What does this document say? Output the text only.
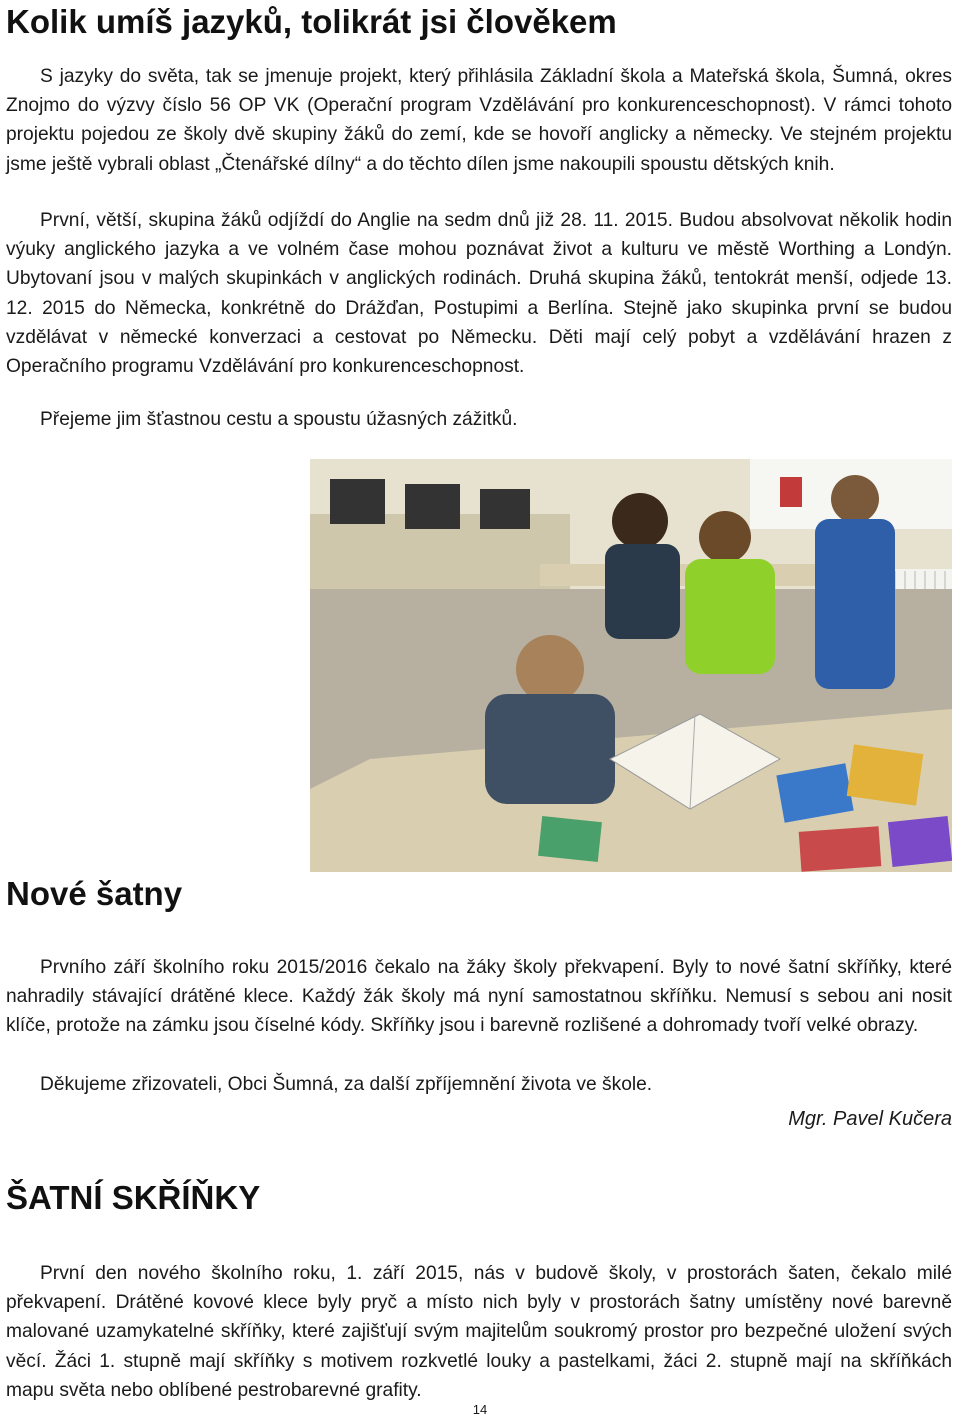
Kolik umíš jazyků, tolikrát jsi člověkem

S jazyky do světa, tak se jmenuje projekt, který přihlásila Základní škola a Mateřská škola, Šumná, okres Znojmo do výzvy číslo 56 OP VK (Operační program Vzdělávání pro konkurenceschopnost). V rámci tohoto projektu pojedou ze školy dvě skupiny žáků do zemí, kde se hovoří anglicky a německy. Ve stejném projektu jsme ještě vybrali oblast „Čtenářské dílny“ a do těchto dílen jsme nakoupili spoustu dětských knih.

První, větší, skupina žáků odjíždí do Anglie na sedm dnů již 28. 11. 2015. Budou absolvovat několik hodin výuky anglického jazyka a ve volném čase mohou poznávat život a kulturu ve městě Worthing a Londýn. Ubytovaní jsou v malých skupinkách v anglických rodinách. Druhá skupina žáků, tentokrát menší, odjede 13. 12. 2015 do Německa, konkrétně do Drážďan, Postupimi a Berlína. Stejně jako skupinka první se budou vzdělávat v německé konverzaci a cestovat po Německu. Děti mají celý pobyt a vzdělávání hrazen z Operačního programu Vzdělávání pro konkurenceschopnost.

Přejeme jim šťastnou cestu a spoustu úžasných zážitků.

Nové šatny

Prvního září školního roku 2015/2016 čekalo na žáky školy překvapení. Byly to nové šatní skříňky, které nahradily stávající drátěné klece. Každý žák školy má nyní samostatnou skříňku. Nemusí s sebou ani nosit klíče, protože na zámku jsou číselné kódy. Skříňky jsou i barevně rozlišené a dohromady tvoří velké obrazy.

Děkujeme zřizovateli, Obci Šumná, za další zpříjemnění života ve škole.

Mgr. Pavel Kučera
ŠATNÍ SKŘÍŇKY

První den nového školního roku, 1. září 2015, nás v budově školy, v prostorách šaten, čekalo milé překvapení. Drátěné kovové klece byly pryč a místo nich byly v prostorách šatny umístěny nové barevně malované uzamykatelné skříňky, které zajišťují svým majitelům soukromý prostor pro bezpečné uložení svých věcí. Žáci 1. stupně mají skříňky s motivem rozkvetlé louky a pastelkami, žáci 2. stupně mají na skříňkách mapu světa nebo oblíbené pestrobarevné grafity.

14
